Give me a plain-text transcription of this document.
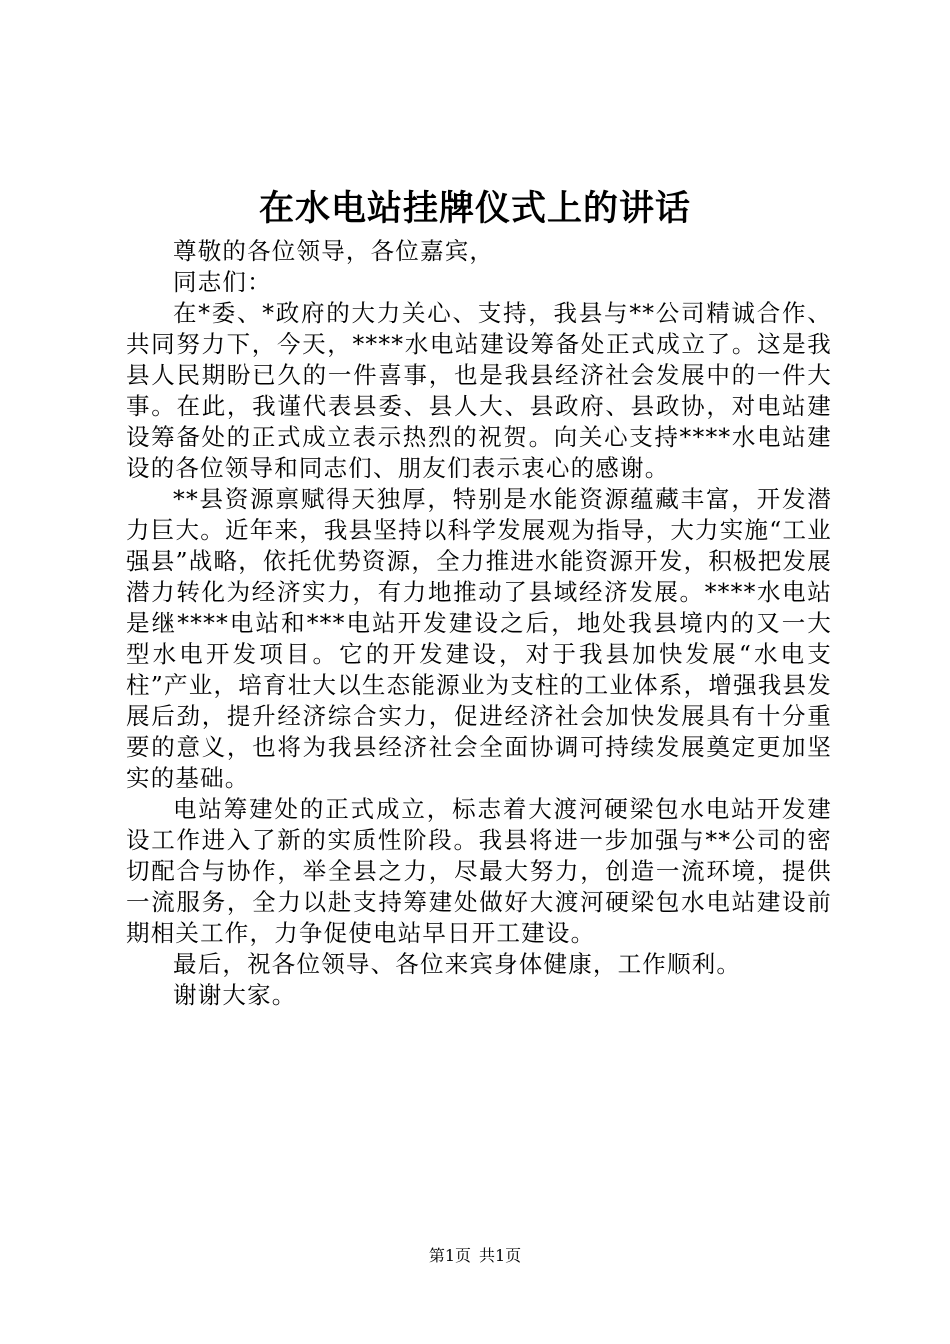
在水电站挂牌仪式上的讲话

尊敬的各位领导，各位嘉宾，

同志们：

在*委、*政府的大力关心、支持，我县与**公司精诚合作、共同努力下，今天，****水电站建设筹备处正式成立了。这是我县人民期盼已久的一件喜事，也是我县经济社会发展中的一件大事。在此，我谨代表县委、县人大、县政府、县政协，对电站建设筹备处的正式成立表示热烈的祝贺。向关心支持****水电站建设的各位领导和同志们、朋友们表示衷心的感谢。

**县资源禀赋得天独厚，特别是水能资源蕴藏丰富，开发潜力巨大。近年来，我县坚持以科学发展观为指导，大力实施“工业强县”战略，依托优势资源，全力推进水能资源开发，积极把发展潜力转化为经济实力，有力地推动了县域经济发展。****水电站是继****电站和***电站开发建设之后，地处我县境内的又一大型水电开发项目。它的开发建设，对于我县加快发展“水电支柱”产业，培育壮大以生态能源业为支柱的工业体系，增强我县发展后劲，提升经济综合实力，促进经济社会加快发展具有十分重要的意义，也将为我县经济社会全面协调可持续发展奠定更加坚实的基础。

电站筹建处的正式成立，标志着大渡河硬梁包水电站开发建设工作进入了新的实质性阶段。我县将进一步加强与**公司的密切配合与协作，举全县之力，尽最大努力，创造一流环境，提供一流服务，全力以赴支持筹建处做好大渡河硬梁包水电站建设前期相关工作，力争促使电站早日开工建设。

最后，祝各位领导、各位来宾身体健康，工作顺利。

谢谢大家。

第1页 共1页
